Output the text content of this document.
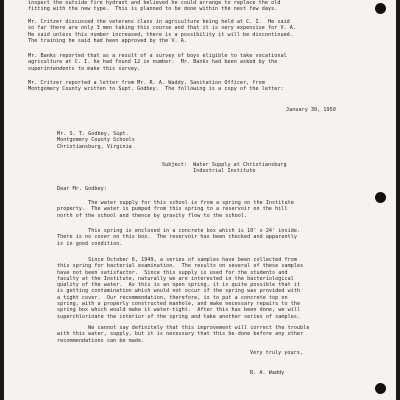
inspect the outside fire hydrant and believed he could arrange to replace the old
fitting with the new type.  This is planned to be done within the next few days.
Mr. Critzer discussed the veterans class in agriculture being held at C. I.  He said
so far there are only 3 men taking this course and that it is very expensive for V. A.
He said unless this number increased, there is a possibility it will be discontinued.
The training he said had been approved by the V. A.
Mr. Banks reported that as a result of a survey of boys eligible to take vocational
agriculture at C. I. he had found 12 in number.  Mr. Banks had been asked by the
superintendents to make this survey.
Mr. Critzer reported a letter from Mr. R. A. Waddy, Sanitation Officer, from
Montgomery County written to Supt. Godbey.  The following is a copy of the letter:
January 30, 1950
Mr. S. T. Godbey, Supt.
Montgomery County Schools
Christiansburg, Virginia
Subject:  Water Supply at Christiansburg
Industrial Institute
Dear Mr. Godbey:
The water supply for this school is from a spring on the Institute
property.  The water is pumped from this spring to a reservoir on the hill
north of the school and thence by gravity flow to the school.
This spring is enclosed in a concrete box which is 10' x 24' inside.
There is no cover on this box.  The reservoir has been checked and apparently
is in good condition.
Since October 6, 1949, a series of samples have been collected from
this spring for bacterial examination.  The results on several of these samples
have not been satisfactor.  Since this supply is used for the students and
faculty at the Institute, naturally we are interested in the bacteriological
quality of the water.  As this is an open spring, it is quite possible that it
is getting contamination which would not occur if the spring was provided with
a tight cover.  Our recommendation, therefore, is to put a concrete top on
spring, with a properly constructed manhole, and make necessary repairs to the
spring box which would make it water-tight.  After this has been done, we will
superchlorinate the interior of the spring and take another series of samples.
We cannot say definitely that this improvement will correct the trouble
with this water, supply, but it is necessary that this be done before any other
recommendations can be made.
Very truly yours,
R. A. Waddy
